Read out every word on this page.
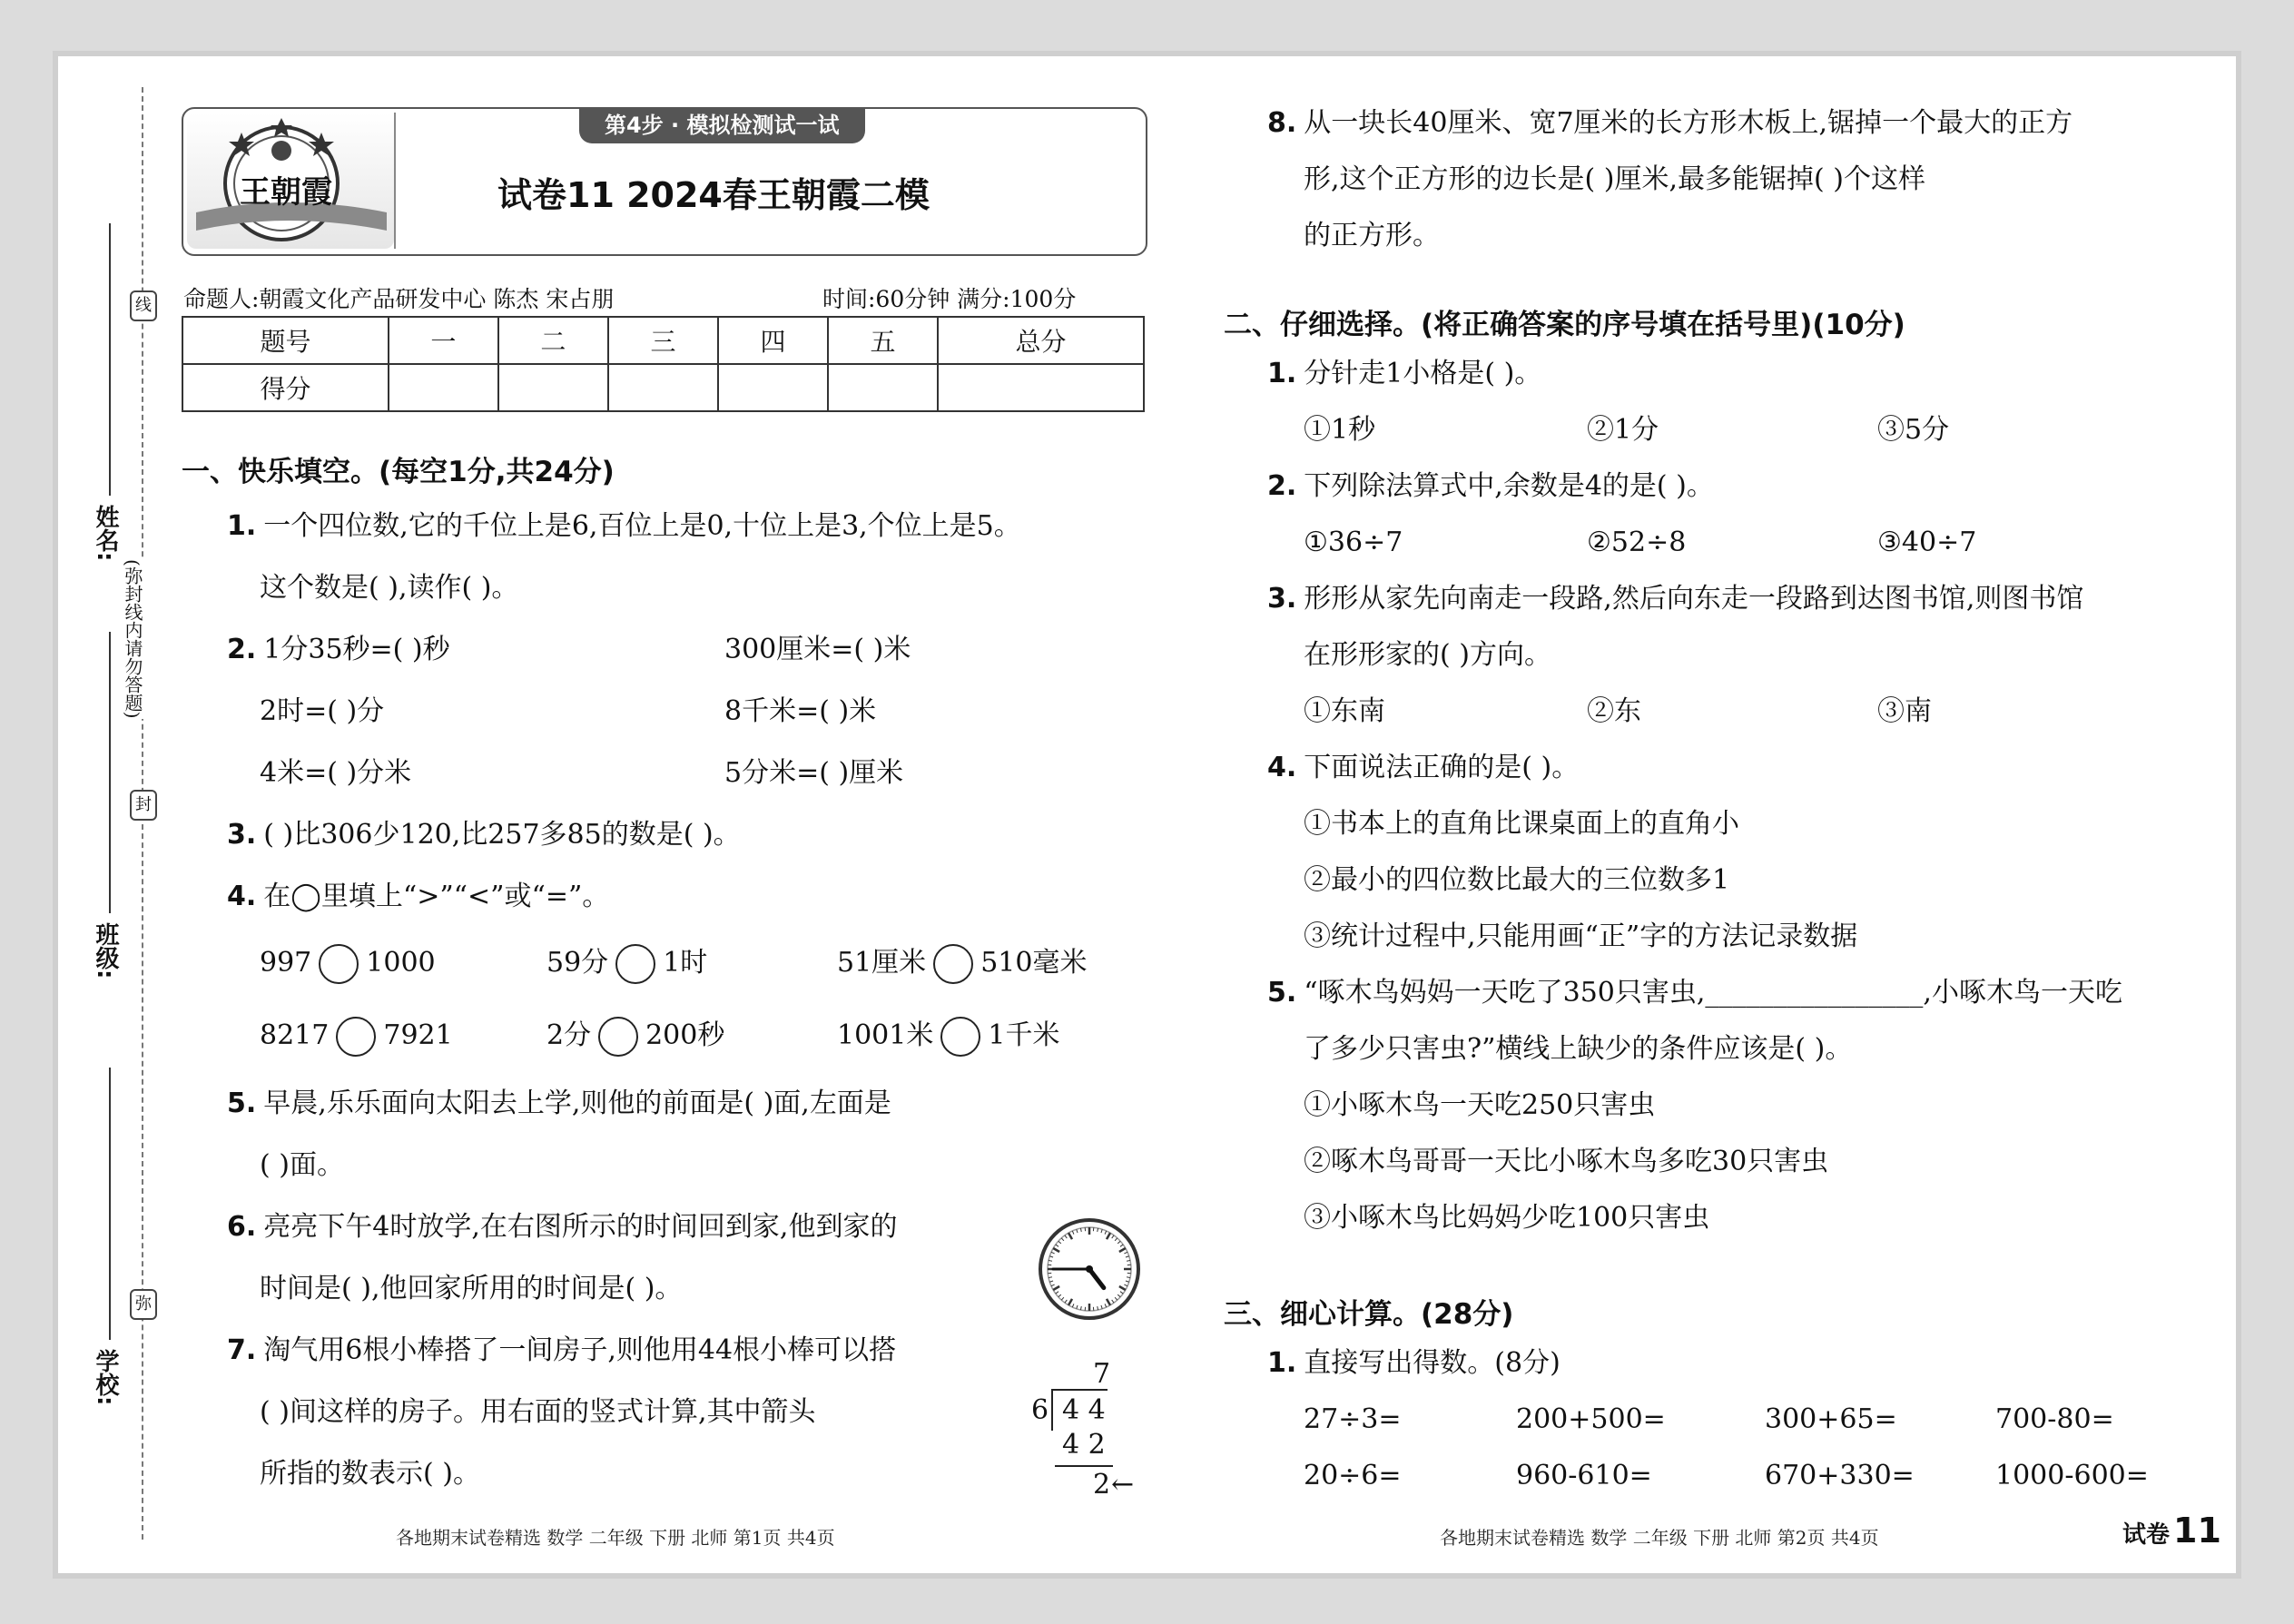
王朝霞
第4步 · 模拟检测试一试
试卷11 2024春王朝霞二模
命题人:朝霞文化产品研发中心 陈杰 宋占朋	时间:60分钟 满分:100分
题号	一	二	三	四	五	总分
得分						
姓名:
班级:
学校:
(弥封线内请勿答题)
线
封
弥
一、快乐填空。(每空1分,共24分)
1. 一个四位数,它的千位上是6,百位上是0,十位上是3,个位上是5。
这个数是( ),读作( )。
2. 1分35秒=( )秒	300厘米=( )米
2时=( )分	8千米=( )米
4米=( )分米	5分米=( )厘米
3. ( )比306少120,比257多85的数是( )。
4. 在◯里填上“>”“<”或“=”。
997 1000	59分 1时	51厘米 510毫米
8217 7921	2分 200秒	1001米 1千米
5. 早晨,乐乐面向太阳去上学,则他的前面是( )面,左面是
( )面。
6. 亮亮下午4时放学,在右图所示的时间回到家,他到家的
时间是( ),他回家所用的时间是( )。
7. 淘气用6根小棒搭了一间房子,则他用44根小棒可以搭
( )间这样的房子。用右面的竖式计算,其中箭头
所指的数表示( )。
7
6 4 4
4 2
2 ←
8. 从一块长40厘米、宽7厘米的长方形木板上,锯掉一个最大的正方
形,这个正方形的边长是( )厘米,最多能锯掉( )个这样
的正方形。
二、仔细选择。(将正确答案的序号填在括号里)(10分)
1. 分针走1小格是( )。
①1秒	②1分	③5分
2. 下列除法算式中,余数是4的是( )。
①36÷7	②52÷8	③40÷7
3. 形形从家先向南走一段路,然后向东走一段路到达图书馆,则图书馆
在形形家的( )方向。
①东南	②东	③南
4. 下面说法正确的是( )。
①书本上的直角比课桌面上的直角小
②最小的四位数比最大的三位数多1
③统计过程中,只能用画“正”字的方法记录数据
5. “啄木鸟妈妈一天吃了350只害虫,________________,小啄木鸟一天吃
了多少只害虫?”横线上缺少的条件应该是( )。
①小啄木鸟一天吃250只害虫
②啄木鸟哥哥一天比小啄木鸟多吃30只害虫
③小啄木鸟比妈妈少吃100只害虫
三、细心计算。(28分)
1. 直接写出得数。(8分)
27÷3=	200+500=	300+65=	700-80=
20÷6=	960-610=	670+330=	1000-600=
各地期末试卷精选 数学 二年级 下册 北师 第1页 共4页	各地期末试卷精选 数学 二年级 下册 北师 第2页 共4页	试卷 11
